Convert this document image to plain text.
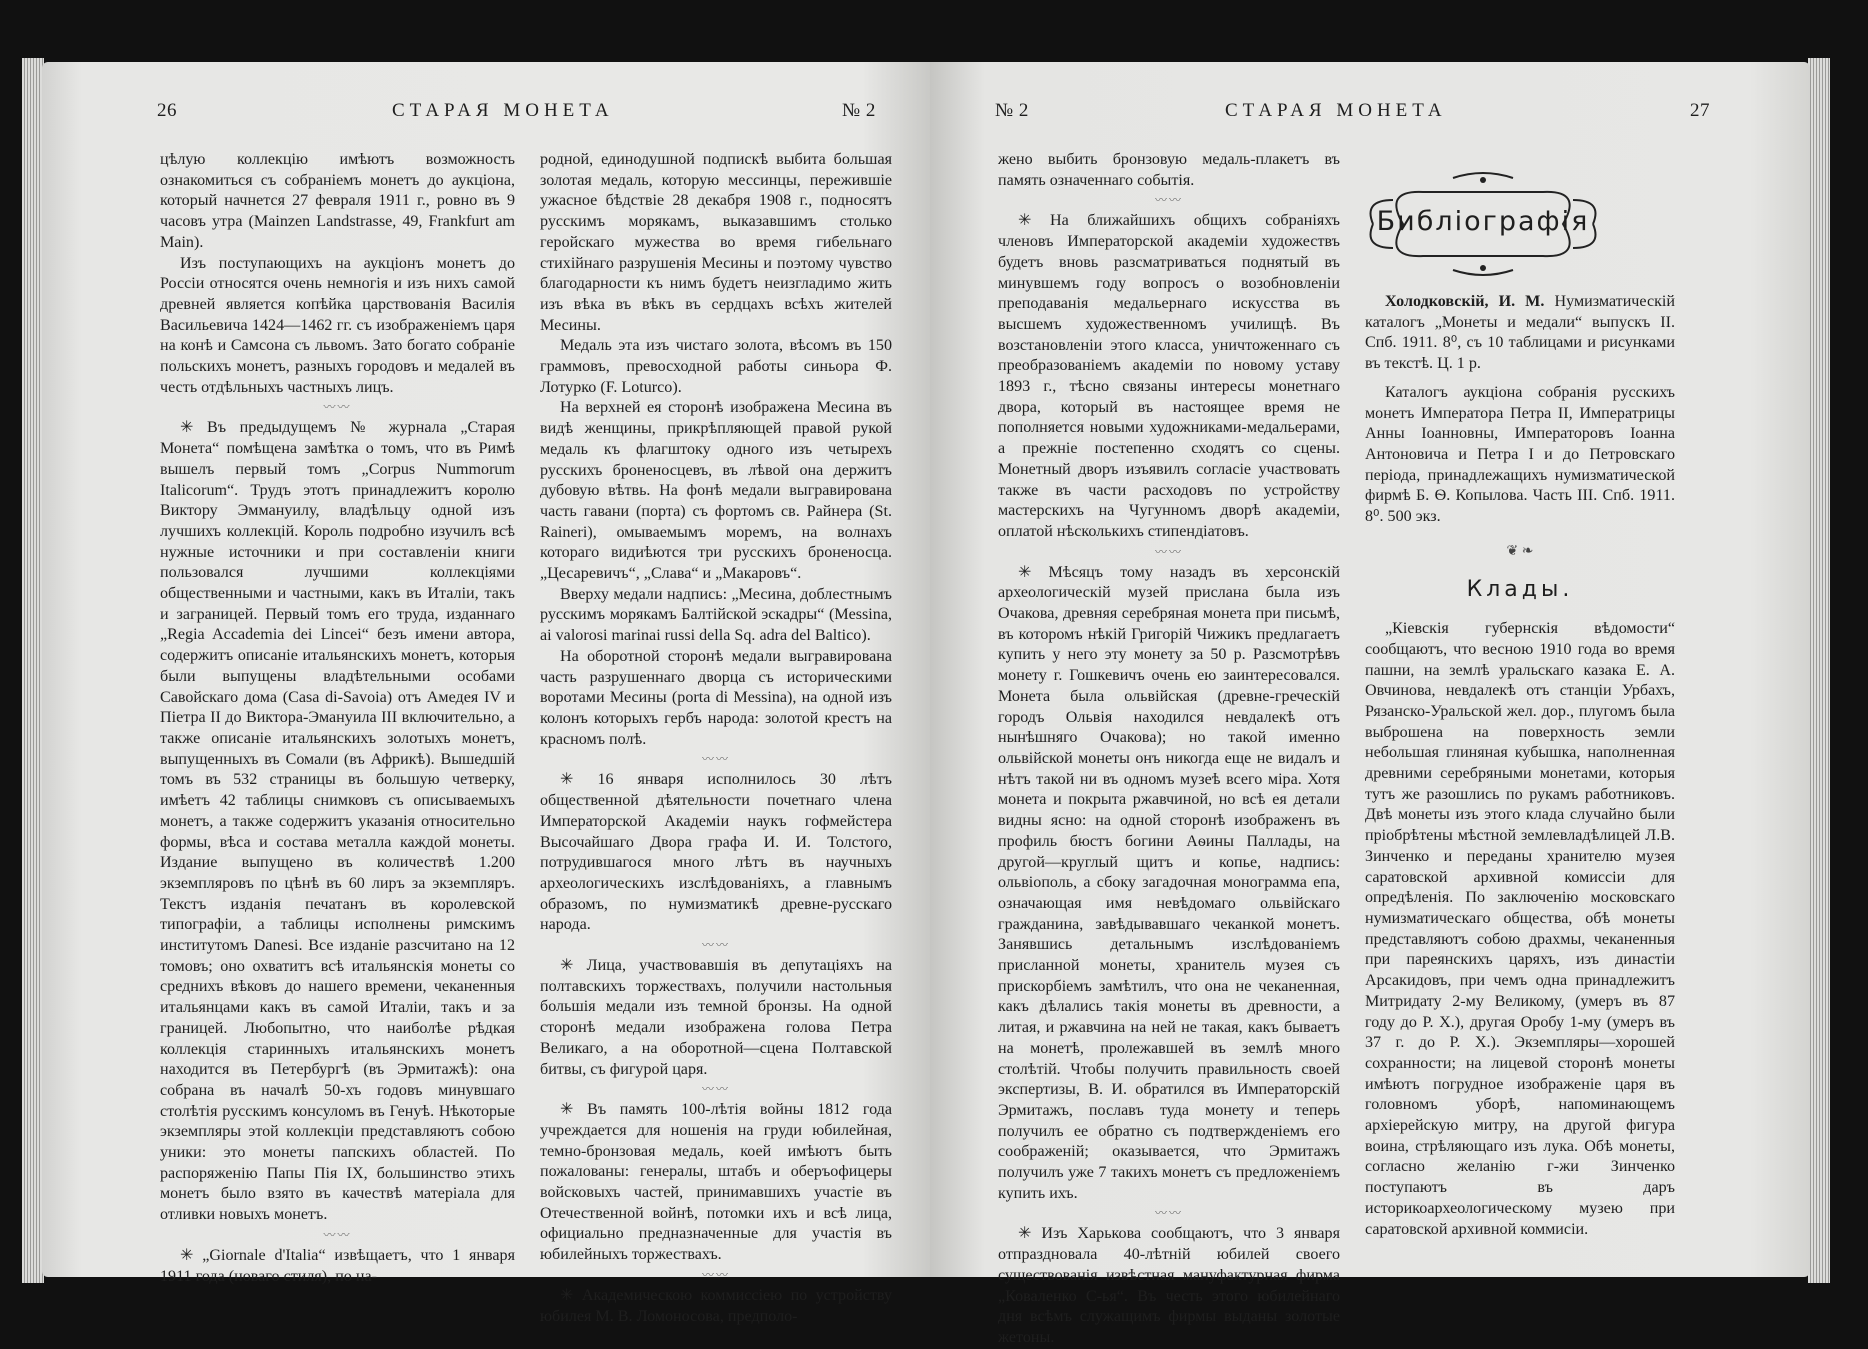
26	СТАРАЯ МОНЕТА	№ 2

цѣлую коллекцію имѣютъ возможность ознакомиться съ собраніемъ монетъ до аукціона, который начнется 27 февраля 1911 г., ровно въ 9 часовъ утра (Mainzen Landstrasse, 49, Frankfurt am Main).

Изъ поступающихъ на аукціонъ монетъ до Россіи относятся очень немногія и изъ нихъ самой древней является копѣйка царствованія Василія Васильевича 1424—1462 гг. съ изображеніемъ царя на конѣ и Самсона съ львомъ. Зато богато собраніе польскихъ монетъ, разныхъ городовъ и медалей въ честь отдѣльныхъ частныхъ лицъ.

〰〰

✳ Въ предыдущемъ № журнала „Старая Монета“ помѣщена замѣтка о томъ, что въ Римѣ вышелъ первый томъ „Corpus Nummorum Italicorum“. Трудъ этотъ принадлежитъ королю Виктору Эммануилу, владѣльцу одной изъ лучшихъ коллекцій. Король подробно изучилъ всѣ нужные источники и при составленіи книги пользовался лучшими коллекціями общественными и частными, какъ въ Италіи, такъ и заграницей. Первый томъ его труда, изданнаго „Regia Accademia dei Lincei“ безъ имени автора, содержитъ описаніе итальянскихъ монетъ, которыя были выпущены владѣтельными особами Савойскаго дома (Casa di-Savoia) отъ Амедея IV и Пiетра II до Виктора-Эмануила III включительно, а также описаніе итальянскихъ золотыхъ монетъ, выпущенныхъ въ Сомали (въ Африкѣ). Вышедшій томъ въ 532 страницы въ большую четверку, имѣетъ 42 таблицы снимковъ съ описываемыхъ монетъ, а также содержитъ указанія относительно формы, вѣса и состава металла каждой монеты. Издание выпущено въ количествѣ 1.200 экземпляровъ по цѣнѣ въ 60 лиръ за экземпляръ. Текстъ изданія печатанъ въ королевской типографіи, а таблицы исполнены римскимъ институтомъ Danesi. Все изданіе разсчитано на 12 томовъ; оно охватитъ всѣ итальянскія монеты со среднихъ вѣковъ до нашего времени, чеканенныя итальянцами какъ въ самой Италіи, такъ и за границей. Любопытно, что наиболѣе рѣдкая коллекція старинныхъ итальянскихъ монетъ находится въ Петербургѣ (въ Эрмитажѣ): она собрана въ началѣ 50-хъ годовъ минувшаго столѣтія русскимъ консуломъ въ Генуѣ. Нѣкоторые экземпляры этой коллекціи представляютъ собою уники: это монеты папскихъ областей. По распоряженію Папы Пія IX, большинство этихъ монетъ было взято въ качествѣ матеріала для отливки новыхъ монетъ.

〰〰

✳ „Giornale d'Italia“ извѣщаетъ, что 1 января 1911 года (новаго стиля), по на-

родной, единодушной подпискѣ выбита большая золотая медаль, которую мессинцы, пережившіе ужасное бѣдствіе 28 декабря 1908 г., подносятъ русскимъ морякамъ, выказавшимъ столько геройскаго мужества во время гибельнаго стихійнаго разрушенія Месины и поэтому чувство благодарности къ нимъ будетъ неизгладимо жить изъ вѣка въ вѣкъ въ сердцахъ всѣхъ жителей Месины.

Медаль эта изъ чистаго золота, вѣсомъ въ 150 граммовъ, превосходной работы синьора Ф. Лотурко (F. Loturco).

На верхней ея сторонѣ изображена Месина въ видѣ женщины, прикрѣпляющей правой рукой медаль къ флагштоку одного изъ четырехъ русскихъ броненосцевъ, въ лѣвой она держитъ дубовую вѣтвь. На фонѣ медали выгравирована часть гавани (порта) съ фортомъ св. Райнера (St. Raineri), омываемымъ моремъ, на волнахъ котораго видиѣются три русскихъ броненосца. „Цесаревичъ“, „Слава“ и „Макаровъ“.

Вверху медали надпись: „Месина, доблестнымъ русскимъ морякамъ Балтійской эскадры“ (Messina, ai valorosi marinai russi della Sq. adra del Baltico).

На оборотной сторонѣ медали выгравирована часть разрушеннаго дворца съ историческими воротами Месины (porta di Messina), на одной изъ колонъ которыхъ гербъ народа: золотой крестъ на красномъ полѣ.

〰〰

✳ 16 января исполнилось 30 лѣтъ общественной дѣятельности почетнаго члена Императорской Академіи наукъ гофмейстера Высочайшаго Двора графа И. И. Толстого, потрудившагося много лѣтъ въ научныхъ археологическихъ изслѣдованіяхъ, а главнымъ образомъ, по нумизматикѣ древне-русскаго народа.

〰〰

✳ Лица, участвовавшія въ депутаціяхъ на полтавскихъ торжествахъ, получили настольныя большія медали изъ темной бронзы. На одной сторонѣ медали изображена голова Петра Великаго, а на оборотной—сцена Полтавской битвы, съ фигурой царя.

〰〰

✳ Въ память 100-лѣтія войны 1812 года учреждается для ношенія на груди юбилейная, темно-бронзовая медаль, коей имѣютъ быть пожалованы: генералы, штабъ и оберъофицеры войсковыхъ частей, принимавшихъ участіе въ Отечественной войнѣ, потомки ихъ и всѣ лица, официально предназначенные для участія въ юбилейныхъ торжествахъ.

〰〰

✳ Академическою коммиссіею по устройству юбилея М. В. Ломоносова, предполо-

№ 2	СТАРАЯ МОНЕТА	27

жено выбить бронзовую медаль-плакетъ въ память означеннаго событія.

〰〰

✳ На ближайшихъ общихъ собраніяхъ членовъ Императорской академіи художествъ будетъ вновь разсматриваться поднятый въ минувшемъ году вопросъ о возобновленіи преподаванія медальернаго искусства въ высшемъ художественномъ училищѣ. Въ возстановленіи этого класса, уничтоженнаго съ преобразованіемъ академіи по новому уставу 1893 г., тѣсно связаны интересы монетнагo двора, который въ настоящее время не пополняется новыми художниками-медальерами, а прежніе постепенно сходятъ со сцены. Монетный дворъ изъявилъ согласіе участвовать также въ части расходовъ по устройству мастерскихъ на Чугунномъ дворѣ академіи, оплатой нѣсколькихъ стипендіатовъ.

〰〰

✳ Мѣсяцъ тому назадъ въ херсонскій археологическій музей прислана была изъ Очакова, древняя серебряная монета при письмѣ, въ которомъ нѣкій Григорій Чижикъ предлагаетъ купить у него эту монету за 50 р. Разсмотрѣвъ монету г. Гошкевичъ очень ею заинтересовался. Монета была ольвійская (древне-греческій городъ Ольвія находился невдалекѣ отъ нынѣшняго Очакова); но такой именно ольвійской монеты онъ никогда еще не видалъ и нѣтъ такой ни въ одномъ музеѣ всего міра. Хотя монета и покрыта ржавчиной, но всѣ ея детали видны ясно: на одной сторонѣ изображенъ въ профиль бюстъ богини Аѳины Паллады, на другой—круглый щитъ и копье, надпись: ольвіополь, а сбоку загадочная монограмма епа, означающая имя невѣдомаго ольвійскаго гражданина, завѣдывавшаго чеканкой монетъ. Занявшись детальнымъ изслѣдованіемъ присланной монеты, хранитель музея съ прискорбіемъ замѣтилъ, что она не чеканенная, какъ дѣлались такія монеты въ древности, а литая, и ржавчина на ней не такая, какъ бываетъ на монетѣ, пролежавшей въ землѣ много столѣтій. Чтобы получить правильность своей экспертизы, В. И. обратился въ Императорскій Эрмитажъ, пославъ туда монету и теперь получилъ ее обратно съ подтвержденіемъ его соображеній; оказывается, что Эрмитажъ получилъ уже 7 такихъ монетъ съ предложеніемъ купить ихъ.

〰〰

✳ Изъ Харькова сообщаютъ, что 3 января отпраздновала 40-лѣтній юбилей своего существованія извѣстная мануфактурная фирма „Коваленко С-ья“. Въ честь этого юбилейнаго дня всѣмъ служащимъ фирмы выданы золотые жетоны.

Библіографія

Холодковскій, И. М. Нумизматическій каталогъ „Монеты и медали“ выпускъ II. Спб. 1911. 8⁰, съ 10 таблицами и рисунками въ текстѣ. Ц. 1 р.

Каталогъ аукціона собранія русскихъ монетъ Императора Петра II, Императрицы Анны Іоанновны, Императоровъ Іоанна Антоновича и Петра I и до Петровскаго періода, принадлежащихъ нумизматической фирмѣ Б. Ѳ. Копылова. Часть III. Спб. 1911. 8⁰. 500 экз.

❦ ❧
Клады.

„Кіевскія губернскія вѣдомости“ сообщаютъ, что весною 1910 года во время пашни, на землѣ уральскаго казака Е. А. Овчинова, невдалекѣ отъ станціи Урбахъ, Рязанско-Уральской жел. дор., плугомъ была выброшена на поверхность земли небольшая глиняная кубышка, наполненная древними серебряными монетами, которыя тутъ же разошлись по рукамъ работниковъ. Двѣ монеты изъ этого клада случайно были пріобрѣтены мѣстной землевладѣлицей Л.В. Зинченко и переданы хранителю музея саратовской архивной комиссіи для опредѣленія. По заключенію московскаго нумизматическаго общества, обѣ монеты представляютъ собою драхмы, чеканенныя при пареянскихъ царяхъ, изъ династіи Арсакидовъ, при чемъ одна принадлежитъ Митридату 2-му Великому, (умеръ въ 87 году до Р. Х.), другая Оробу 1-му (умеръ въ 37 г. до Р. Х.). Экземпляры—хорошей сохранности; на лицевой сторонѣ монеты имѣютъ погрудное изображеніе царя въ головномъ уборѣ, напоминающемъ архіерейскую митру, на другой фигура воина, стрѣляющаго изъ лука. Обѣ монеты, согласно желанію г-жи Зинченко поступаютъ въ даръ историкоархеологическому музею при саратовской архивной коммисіи.
